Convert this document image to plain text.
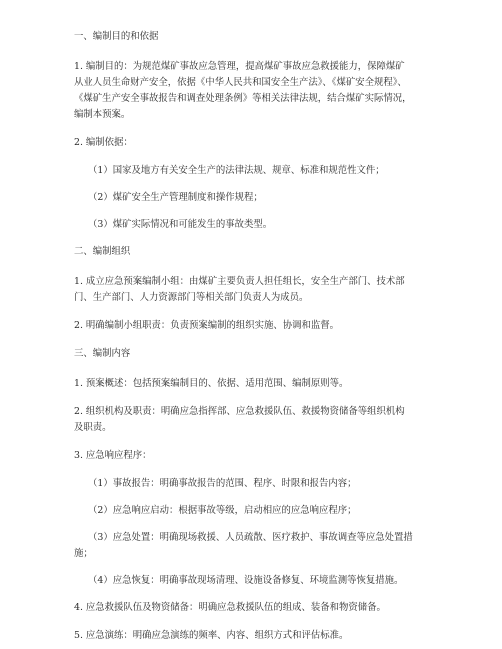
一、编制目的和依据

1. 编制目的：为规范煤矿事故应急管理，提高煤矿事故应急救援能力，保障煤矿

从业人员生命财产安全，依据《中华人民共和国安全生产法》、《煤矿安全规程》、

《煤矿生产安全事故报告和调查处理条例》等相关法律法规，结合煤矿实际情况，

编制本预案。

2. 编制依据：

（1）国家及地方有关安全生产的法律法规、规章、标准和规范性文件；

（2）煤矿安全生产管理制度和操作规程；

（3）煤矿实际情况和可能发生的事故类型。

二、编制组织

1. 成立应急预案编制小组：由煤矿主要负责人担任组长，安全生产部门、技术部

门、生产部门、人力资源部门等相关部门负责人为成员。

2. 明确编制小组职责：负责预案编制的组织实施、协调和监督。

三、编制内容

1. 预案概述：包括预案编制目的、依据、适用范围、编制原则等。

2. 组织机构及职责：明确应急指挥部、应急救援队伍、救援物资储备等组织机构

及职责。

3. 应急响应程序：

（1）事故报告：明确事故报告的范围、程序、时限和报告内容；

（2）应急响应启动：根据事故等级，启动相应的应急响应程序；

（3）应急处置：明确现场救援、人员疏散、医疗救护、事故调查等应急处置措

施；

（4）应急恢复：明确事故现场清理、设施设备修复、环境监测等恢复措施。

4. 应急救援队伍及物资储备：明确应急救援队伍的组成、装备和物资储备。

5. 应急演练：明确应急演练的频率、内容、组织方式和评估标准。
